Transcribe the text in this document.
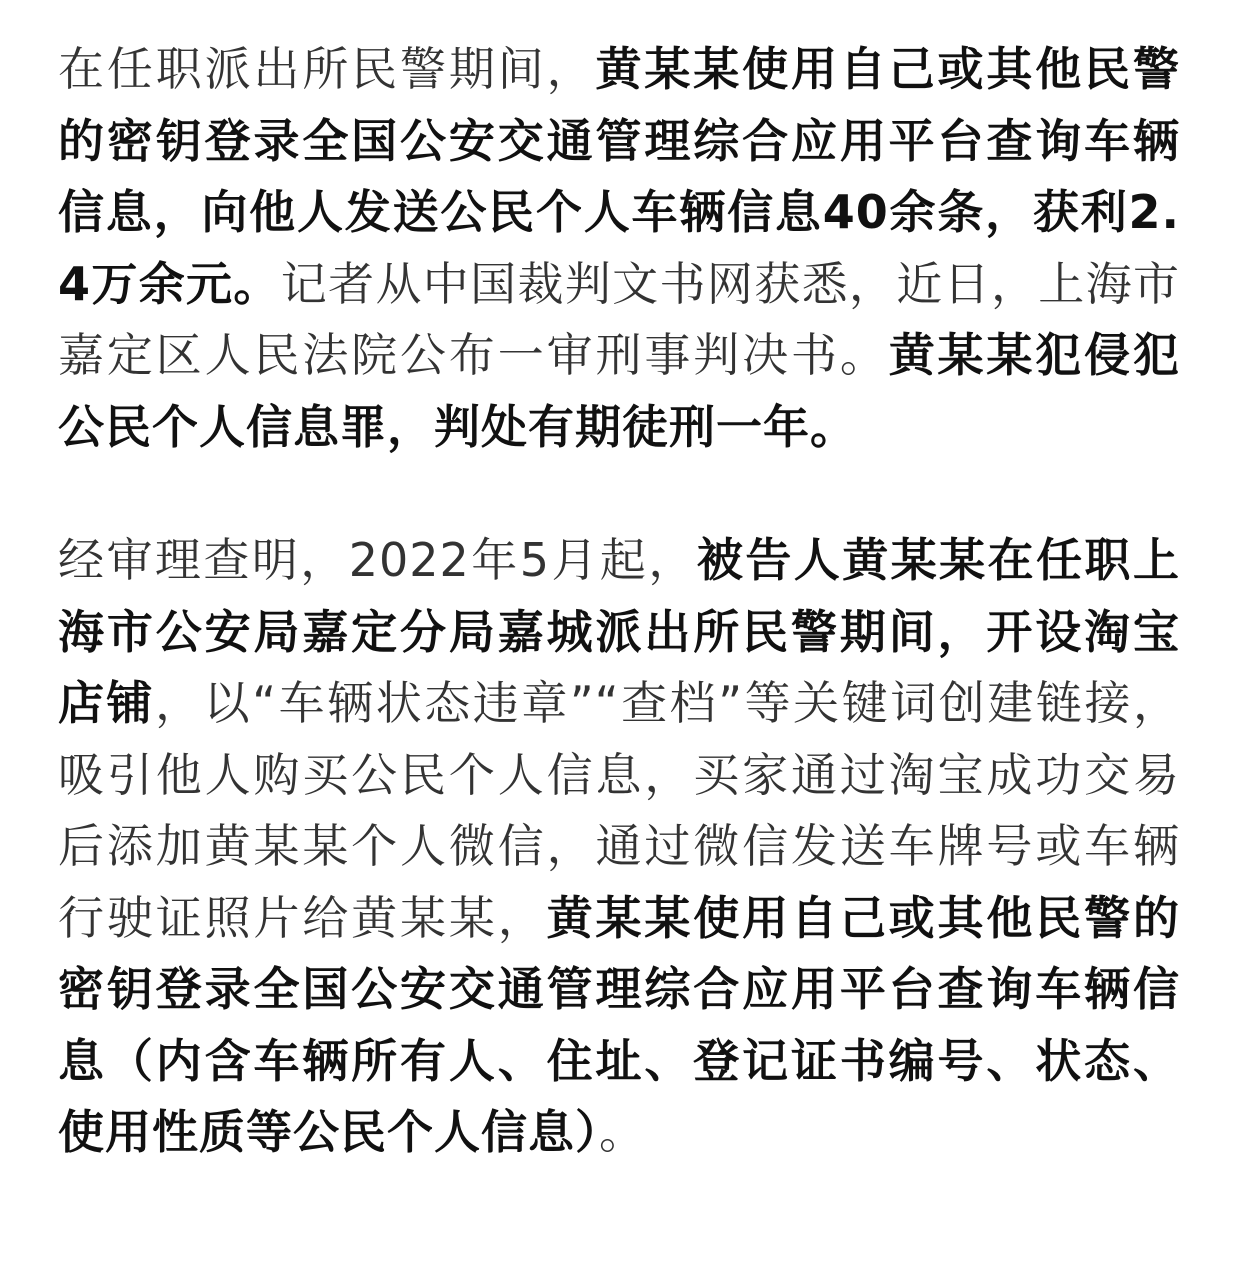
在任职派出所民警期间，黄某某使用自己或其他民警的密钥登录全国公安交通管理综合应用平台查询车辆信息，向他人发送公民个人车辆信息40余条，获利2.4万余元。记者从中国裁判文书网获悉，近日，上海市嘉定区人民法院公布一审刑事判决书。黄某某犯侵犯公民个人信息罪，判处有期徒刑一年。

经审理查明，2022年5月起，被告人黄某某在任职上海市公安局嘉定分局嘉城派出所民警期间，开设淘宝店铺，以“车辆状态违章”“查档”等关键词创建链接，吸引他人购买公民个人信息，买家通过淘宝成功交易后添加黄某某个人微信，通过微信发送车牌号或车辆行驶证照片给黄某某，黄某某使用自己或其他民警的密钥登录全国公安交通管理综合应用平台查询车辆信息（内含车辆所有人、住址、登记证书编号、状态、使用性质等公民个人信息）。
